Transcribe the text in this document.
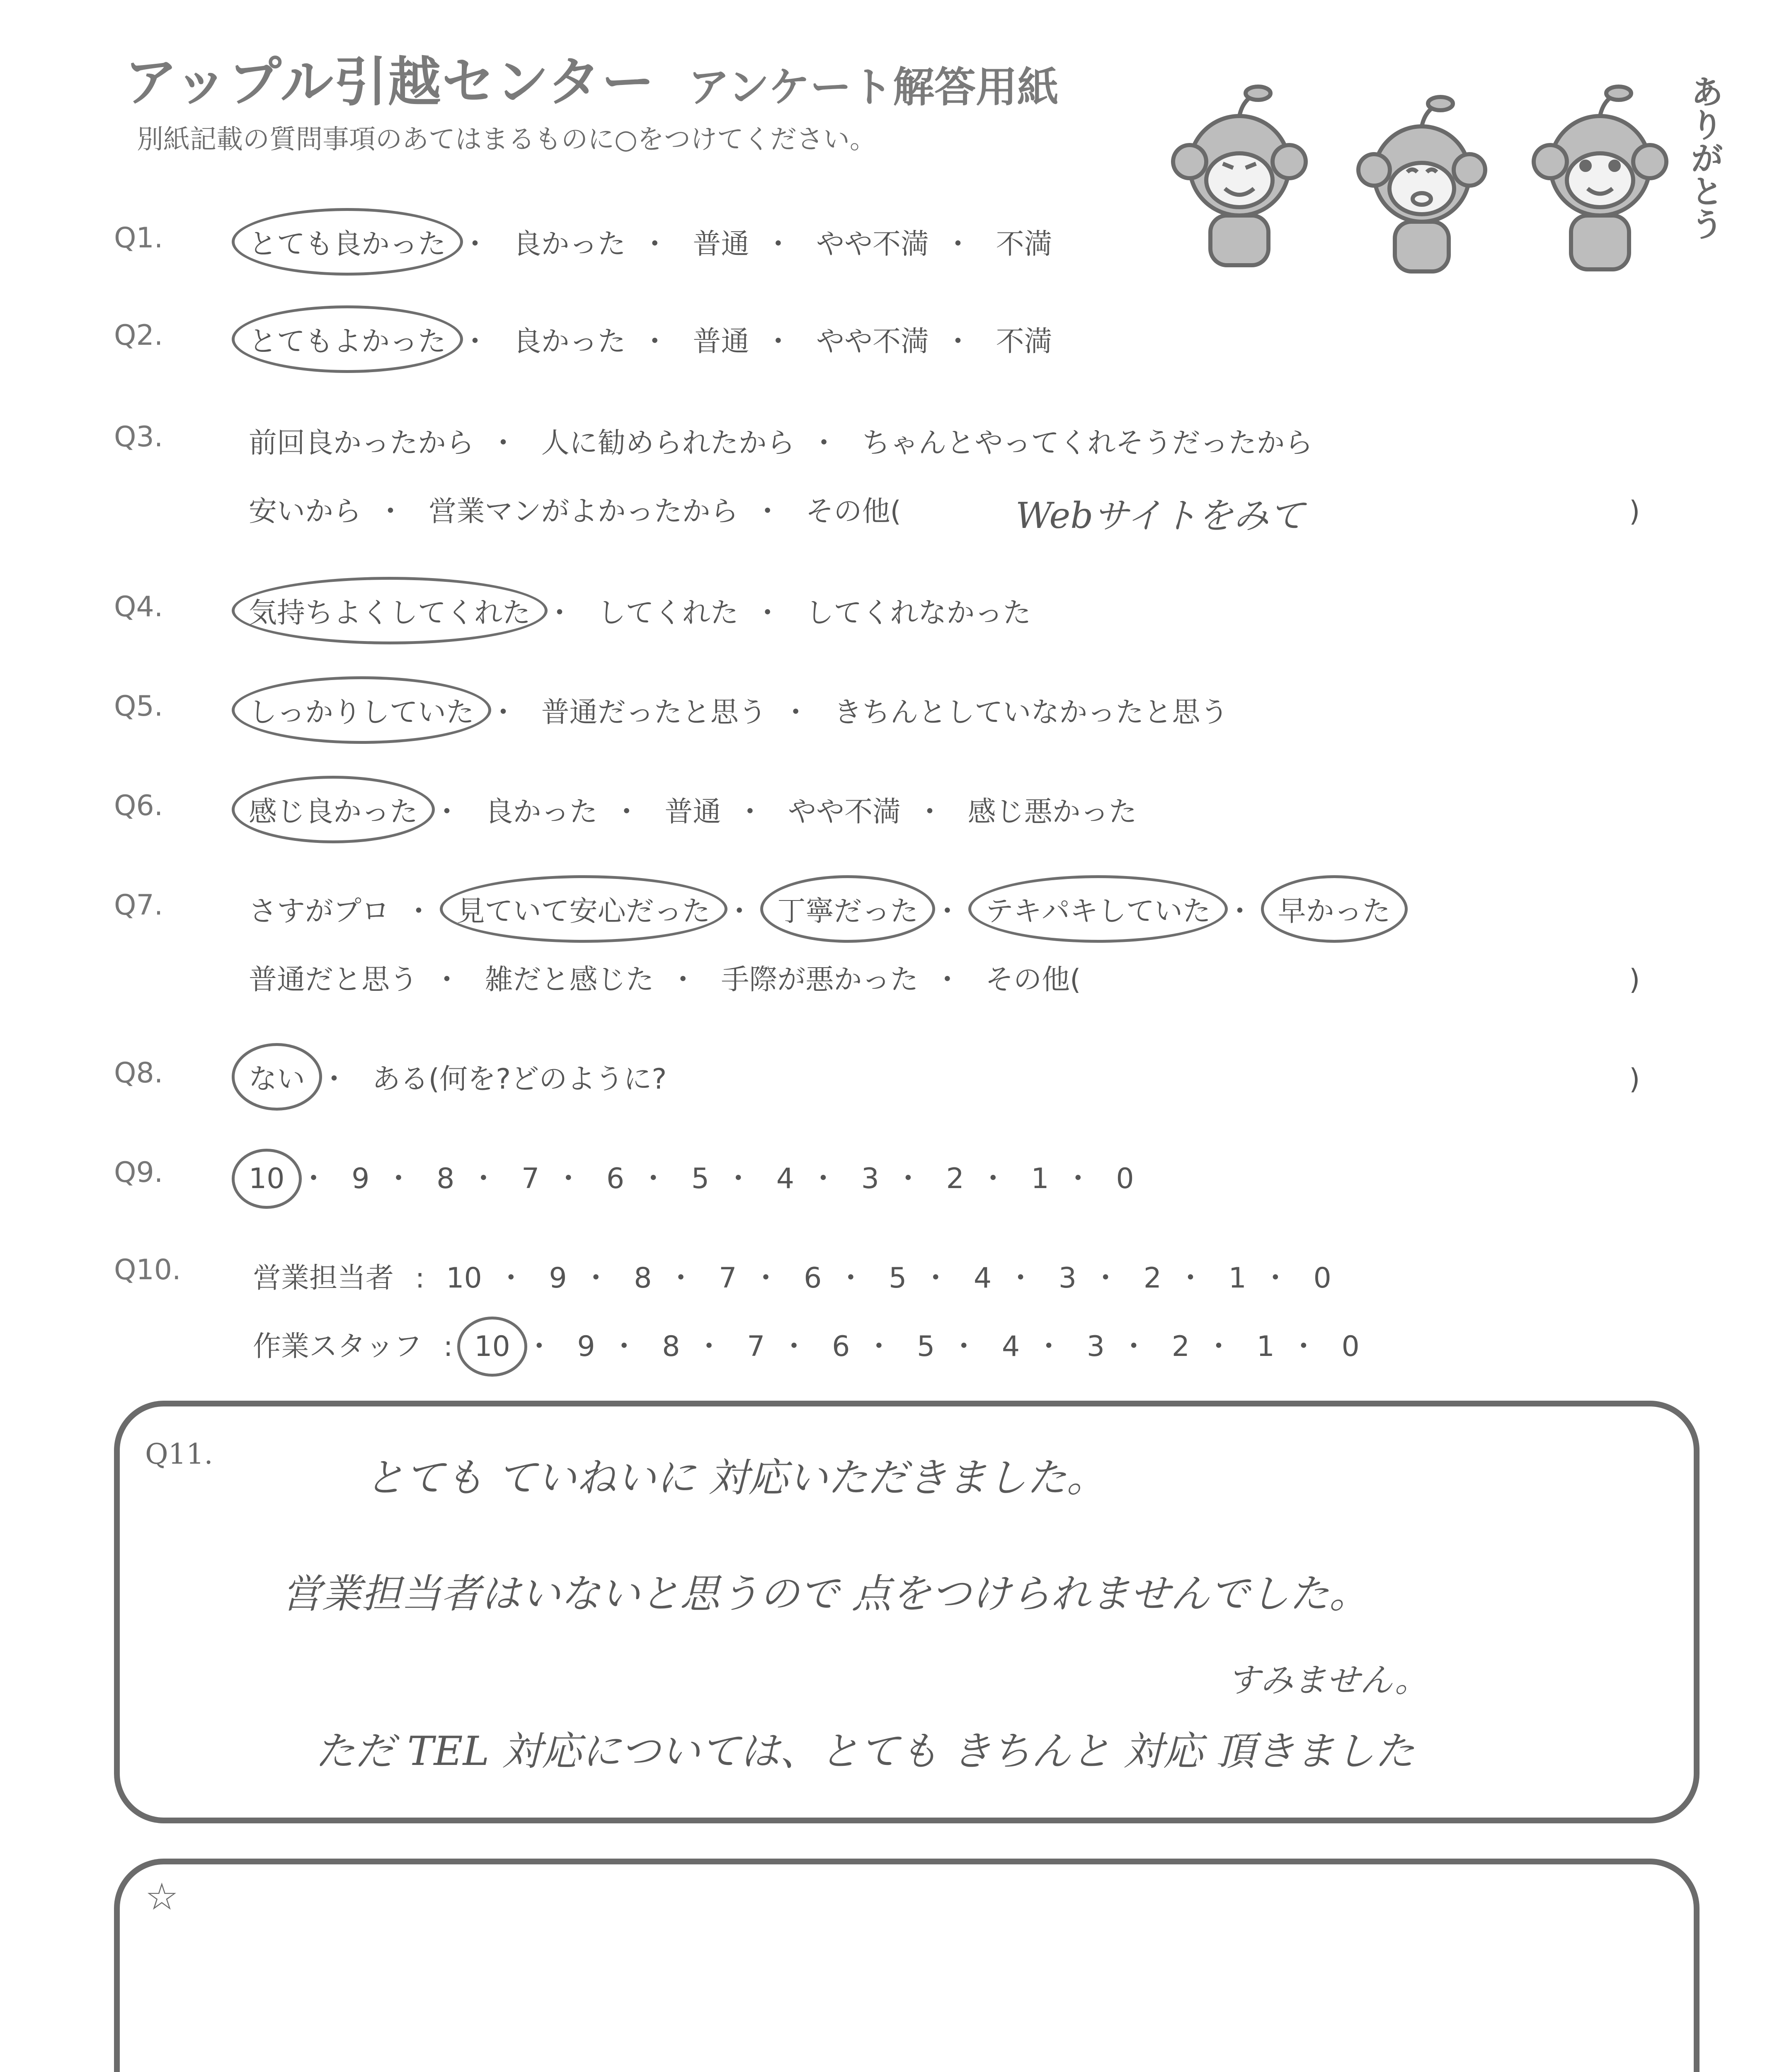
アップル引越センター アンケート解答用紙
別紙記載の質問事項のあてはまるものに○をつけてください。	ありがとう
Q1.	とても良かった ・ 良かった ・ 普通 ・ やや不満 ・ 不満
Q2.	とてもよかった ・ 良かった ・ 普通 ・ やや不満 ・ 不満
Q3.	前回良かったから ・ 人に勧められたから ・ ちゃんとやってくれそうだったから
安いから ・ 営業マンがよかったから ・ その他(	Webサイトをみて	)
Q4.	気持ちよくしてくれた ・ してくれた ・ してくれなかった
Q5.	しっかりしていた ・ 普通だったと思う ・ きちんとしていなかったと思う
Q6.	感じ良かった ・ 良かった ・ 普通 ・ やや不満 ・ 感じ悪かった
Q7.	さすがプロ ・ 見ていて安心だった ・ 丁寧だった ・ テキパキしていた ・ 早かった
普通だと思う ・ 雑だと感じた ・ 手際が悪かった ・ その他(	)
Q8.	ない ・ ある(何を?どのように?	)
Q9.	10 ・ 9 ・ 8 ・ 7 ・ 6 ・ 5 ・ 4 ・ 3 ・ 2 ・ 1 ・ 0
Q10.	営業担当者 : 10 ・ 9 ・ 8 ・ 7 ・ 6 ・ 5 ・ 4 ・ 3 ・ 2 ・ 1 ・ 0
作業スタッフ : 10 ・ 9 ・ 8 ・ 7 ・ 6 ・ 5 ・ 4 ・ 3 ・ 2 ・ 1 ・ 0
Q11.
とても ていねいに 対応いただきました。
営業担当者はいないと思うので 点をつけられませんでした。
すみません。
ただ TEL 対応については、とても きちんと 対応 頂きました
☆
